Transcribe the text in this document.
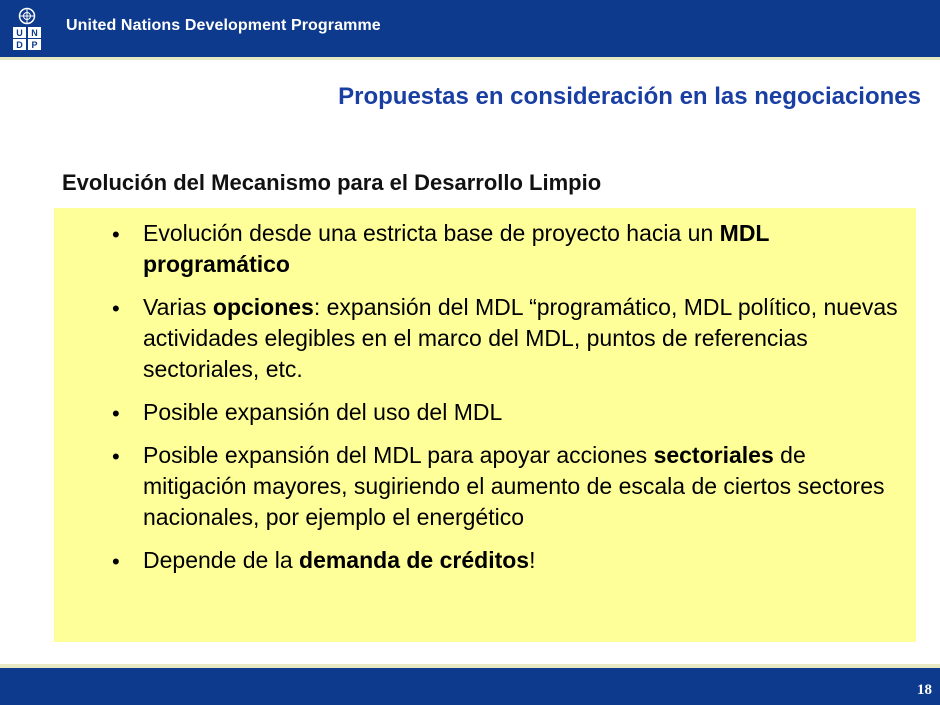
U N
D P
United Nations Development Programme
Propuestas en consideración en las negociaciones
Evolución del Mecanismo para el Desarrollo Limpio
• Evolución desde una estricta base de proyecto hacia un MDL programático
• Varias opciones: expansión del MDL “programático, MDL político, nuevas actividades elegibles en el marco del MDL, puntos de referencias sectoriales, etc.
• Posible expansión del uso del MDL
• Posible expansión del MDL para apoyar acciones sectoriales de mitigación mayores, sugiriendo el aumento de escala de ciertos sectores nacionales, por ejemplo el energético
• Depende de la demanda de créditos!
18
